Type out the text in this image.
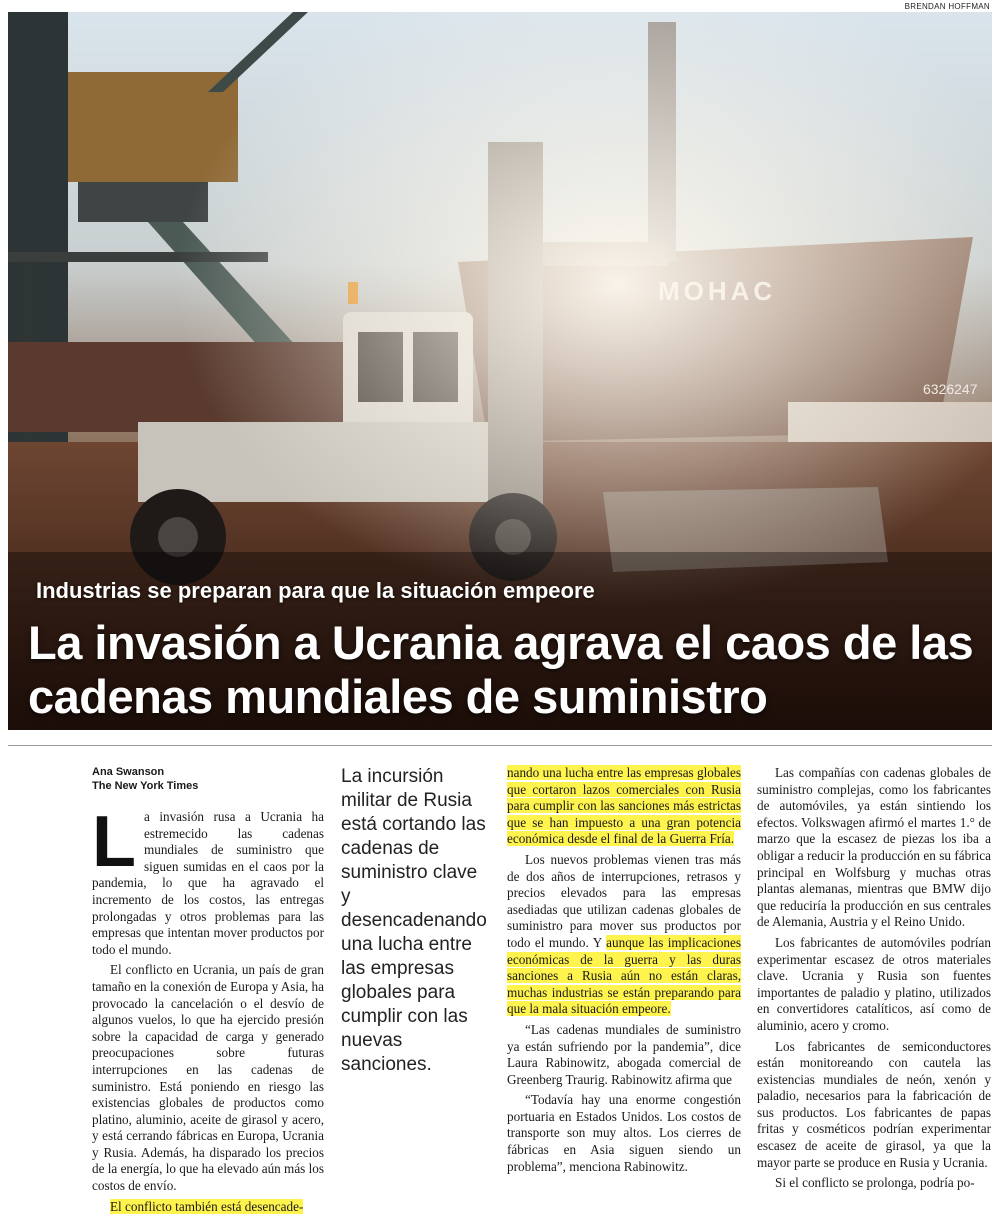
BRENDAN HOFFMAN
Industrias se preparan para que la situación empeore
La invasión a Ucrania agrava el caos de las cadenas mundiales de suministro
Ana Swanson
The New York Times

La invasión rusa a Ucrania ha estremecido las cadenas mundiales de suministro que siguen sumidas en el caos por la pandemia, lo que ha agravado el incremento de los costos, las entregas prolongadas y otros problemas para las empresas que intentan mover productos por todo el mundo.

El conflicto en Ucrania, un país de gran tamaño en la conexión de Europa y Asia, ha provocado la cancelación o el desvío de algunos vuelos, lo que ha ejercido presión sobre la capacidad de carga y generado preocupaciones sobre futuras interrupciones en las cadenas de suministro. Está poniendo en riesgo las existencias globales de productos como platino, aluminio, aceite de girasol y acero, y está cerrando fábricas en Europa, Ucrania y Rusia. Además, ha disparado los precios de la energía, lo que ha elevado aún más los costos de envío.

El conflicto también está desencade-

La incursión militar de Rusia está cortando las cadenas de suministro clave y desencadenando una lucha entre las empresas globales para cumplir con las nuevas sanciones.

nando una lucha entre las empresas globales que cortaron lazos comerciales con Rusia para cumplir con las sanciones más estrictas que se han impuesto a una gran potencia económica desde el final de la Guerra Fría.

Los nuevos problemas vienen tras más de dos años de interrupciones, retrasos y precios elevados para las empresas asediadas que utilizan cadenas globales de suministro para mover sus productos por todo el mundo. Y aunque las implicaciones económicas de la guerra y las duras sanciones a Rusia aún no están claras, muchas industrias se están preparando para que la mala situación empeore.

“Las cadenas mundiales de suministro ya están sufriendo por la pandemia”, dice Laura Rabinowitz, abogada comercial de Greenberg Traurig. Rabinowitz afirma que

“Todavía hay una enorme congestión portuaria en Estados Unidos. Los costos de transporte son muy altos. Los cierres de fábricas en Asia siguen siendo un problema”, menciona Rabinowitz.

Las compañías con cadenas globales de suministro complejas, como los fabricantes de automóviles, ya están sintiendo los efectos. Volkswagen afirmó el martes 1.° de marzo que la escasez de piezas los iba a obligar a reducir la producción en su fábrica principal en Wolfsburg y muchas otras plantas alemanas, mientras que BMW dijo que reduciría la producción en sus centrales de Alemania, Austria y el Reino Unido.

Los fabricantes de automóviles podrían experimentar escasez de otros materiales clave. Ucrania y Rusia son fuentes importantes de paladio y platino, utilizados en convertidores catalíticos, así como de aluminio, acero y cromo.

Los fabricantes de semiconductores están monitoreando con cautela las existencias mundiales de neón, xenón y paladio, necesarios para la fabricación de sus productos. Los fabricantes de papas fritas y cosméticos podrían experimentar escasez de aceite de girasol, ya que la mayor parte se produce en Rusia y Ucrania.

Si el conflicto se prolonga, podría po-
